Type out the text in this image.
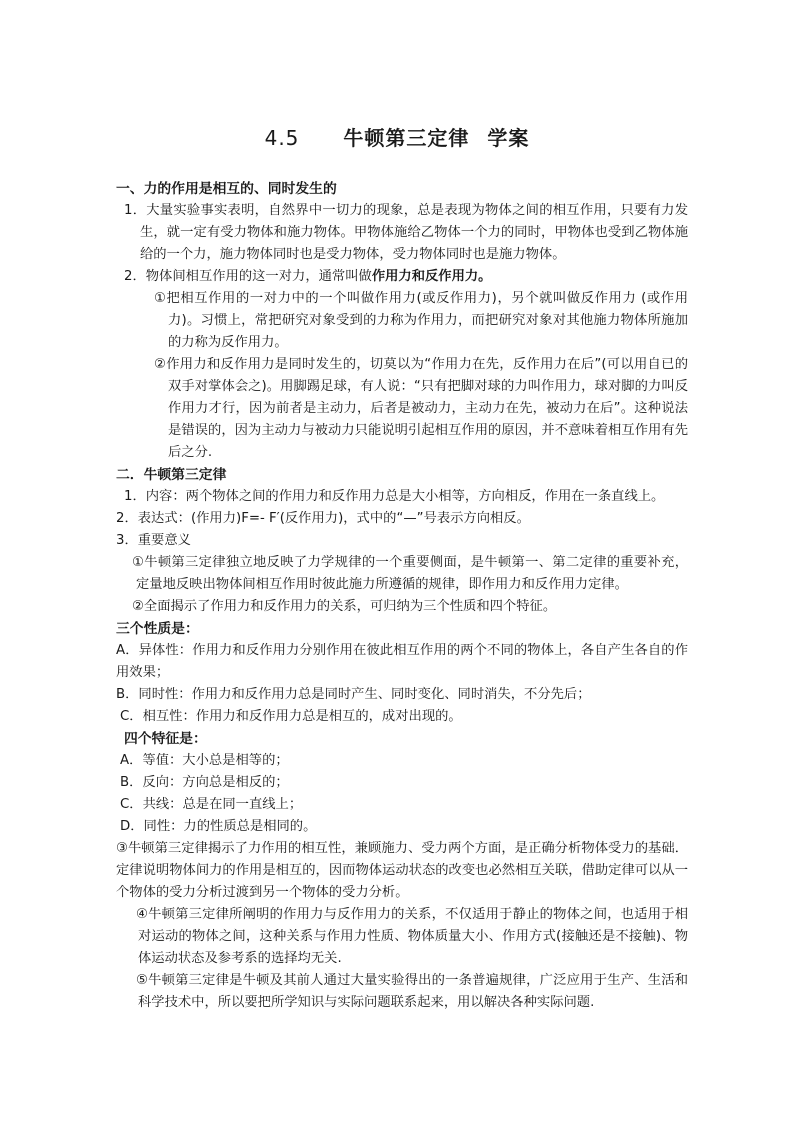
4.5 牛顿第三定律 学案

一、力的作用是相互的、同时发生的

1．大量实验事实表明，自然界中一切力的现象，总是表现为物体之间的相互作用，只要有力发生，就一定有受力物体和施力物体。甲物体施给乙物体一个力的同时，甲物体也受到乙物体施给的一个力，施力物体同时也是受力物体，受力物体同时也是施力物体。

2．物体间相互作用的这一对力，通常叫做作用力和反作用力。

①把相互作用的一对力中的一个叫做作用力(或反作用力)，另个就叫做反作用力 (或作用力)。习惯上，常把研究对象受到的力称为作用力，而把研究对象对其他施力物体所施加的力称为反作用力。

②作用力和反作用力是同时发生的，切莫以为“作用力在先，反作用力在后”(可以用自已的双手对掌体会之)。用脚踢足球，有人说：“只有把脚对球的力叫作用力，球对脚的力叫反作用力才行，因为前者是主动力，后者是被动力，主动力在先，被动力在后”。这种说法是错误的，因为主动力与被动力只能说明引起相互作用的原因，并不意味着相互作用有先后之分.

二．牛顿第三定律

1．内容：两个物体之间的作用力和反作用力总是大小相等，方向相反，作用在一条直线上。

2．表达式：(作用力)F=- F′(反作用力)，式中的“—”号表示方向相反。

3．重要意义

①牛顿第三定律独立地反映了力学规律的一个重要侧面，是牛顿第一、第二定律的重要补充，定量地反映出物体间相互作用时彼此施力所遵循的规律，即作用力和反作用力定律。

②全面揭示了作用力和反作用力的关系，可归纳为三个性质和四个特征。

三个性质是：

A．异体性：作用力和反作用力分别作用在彼此相互作用的两个不同的物体上，各自产生各自的作用效果；

B．同时性：作用力和反作用力总是同时产生、同时变化、同时消失，不分先后；

C．相互性：作用力和反作用力总是相互的，成对出现的。

四个特征是：

A．等值：大小总是相等的；

B．反向：方向总是相反的；

C．共线：总是在同一直线上；

D．同性：力的性质总是相同的。

③牛顿第三定律揭示了力作用的相互性，兼顾施力、受力两个方面，是正确分析物体受力的基础．定律说明物体间力的作用是相互的，因而物体运动状态的改变也必然相互关联，借助定律可以从一个物体的受力分析过渡到另一个物体的受力分析。

④牛顿第三定律所阐明的作用力与反作用力的关系，不仅适用于静止的物体之间，也适用于相对运动的物体之间，这种关系与作用力性质、物体质量大小、作用方式(接触还是不接触)、物体运动状态及参考系的选择均无关.

⑤牛顿第三定律是牛顿及其前人通过大量实验得出的一条普遍规律，广泛应用于生产、生活和科学技术中，所以要把所学知识与实际问题联系起来，用以解决各种实际问题.
